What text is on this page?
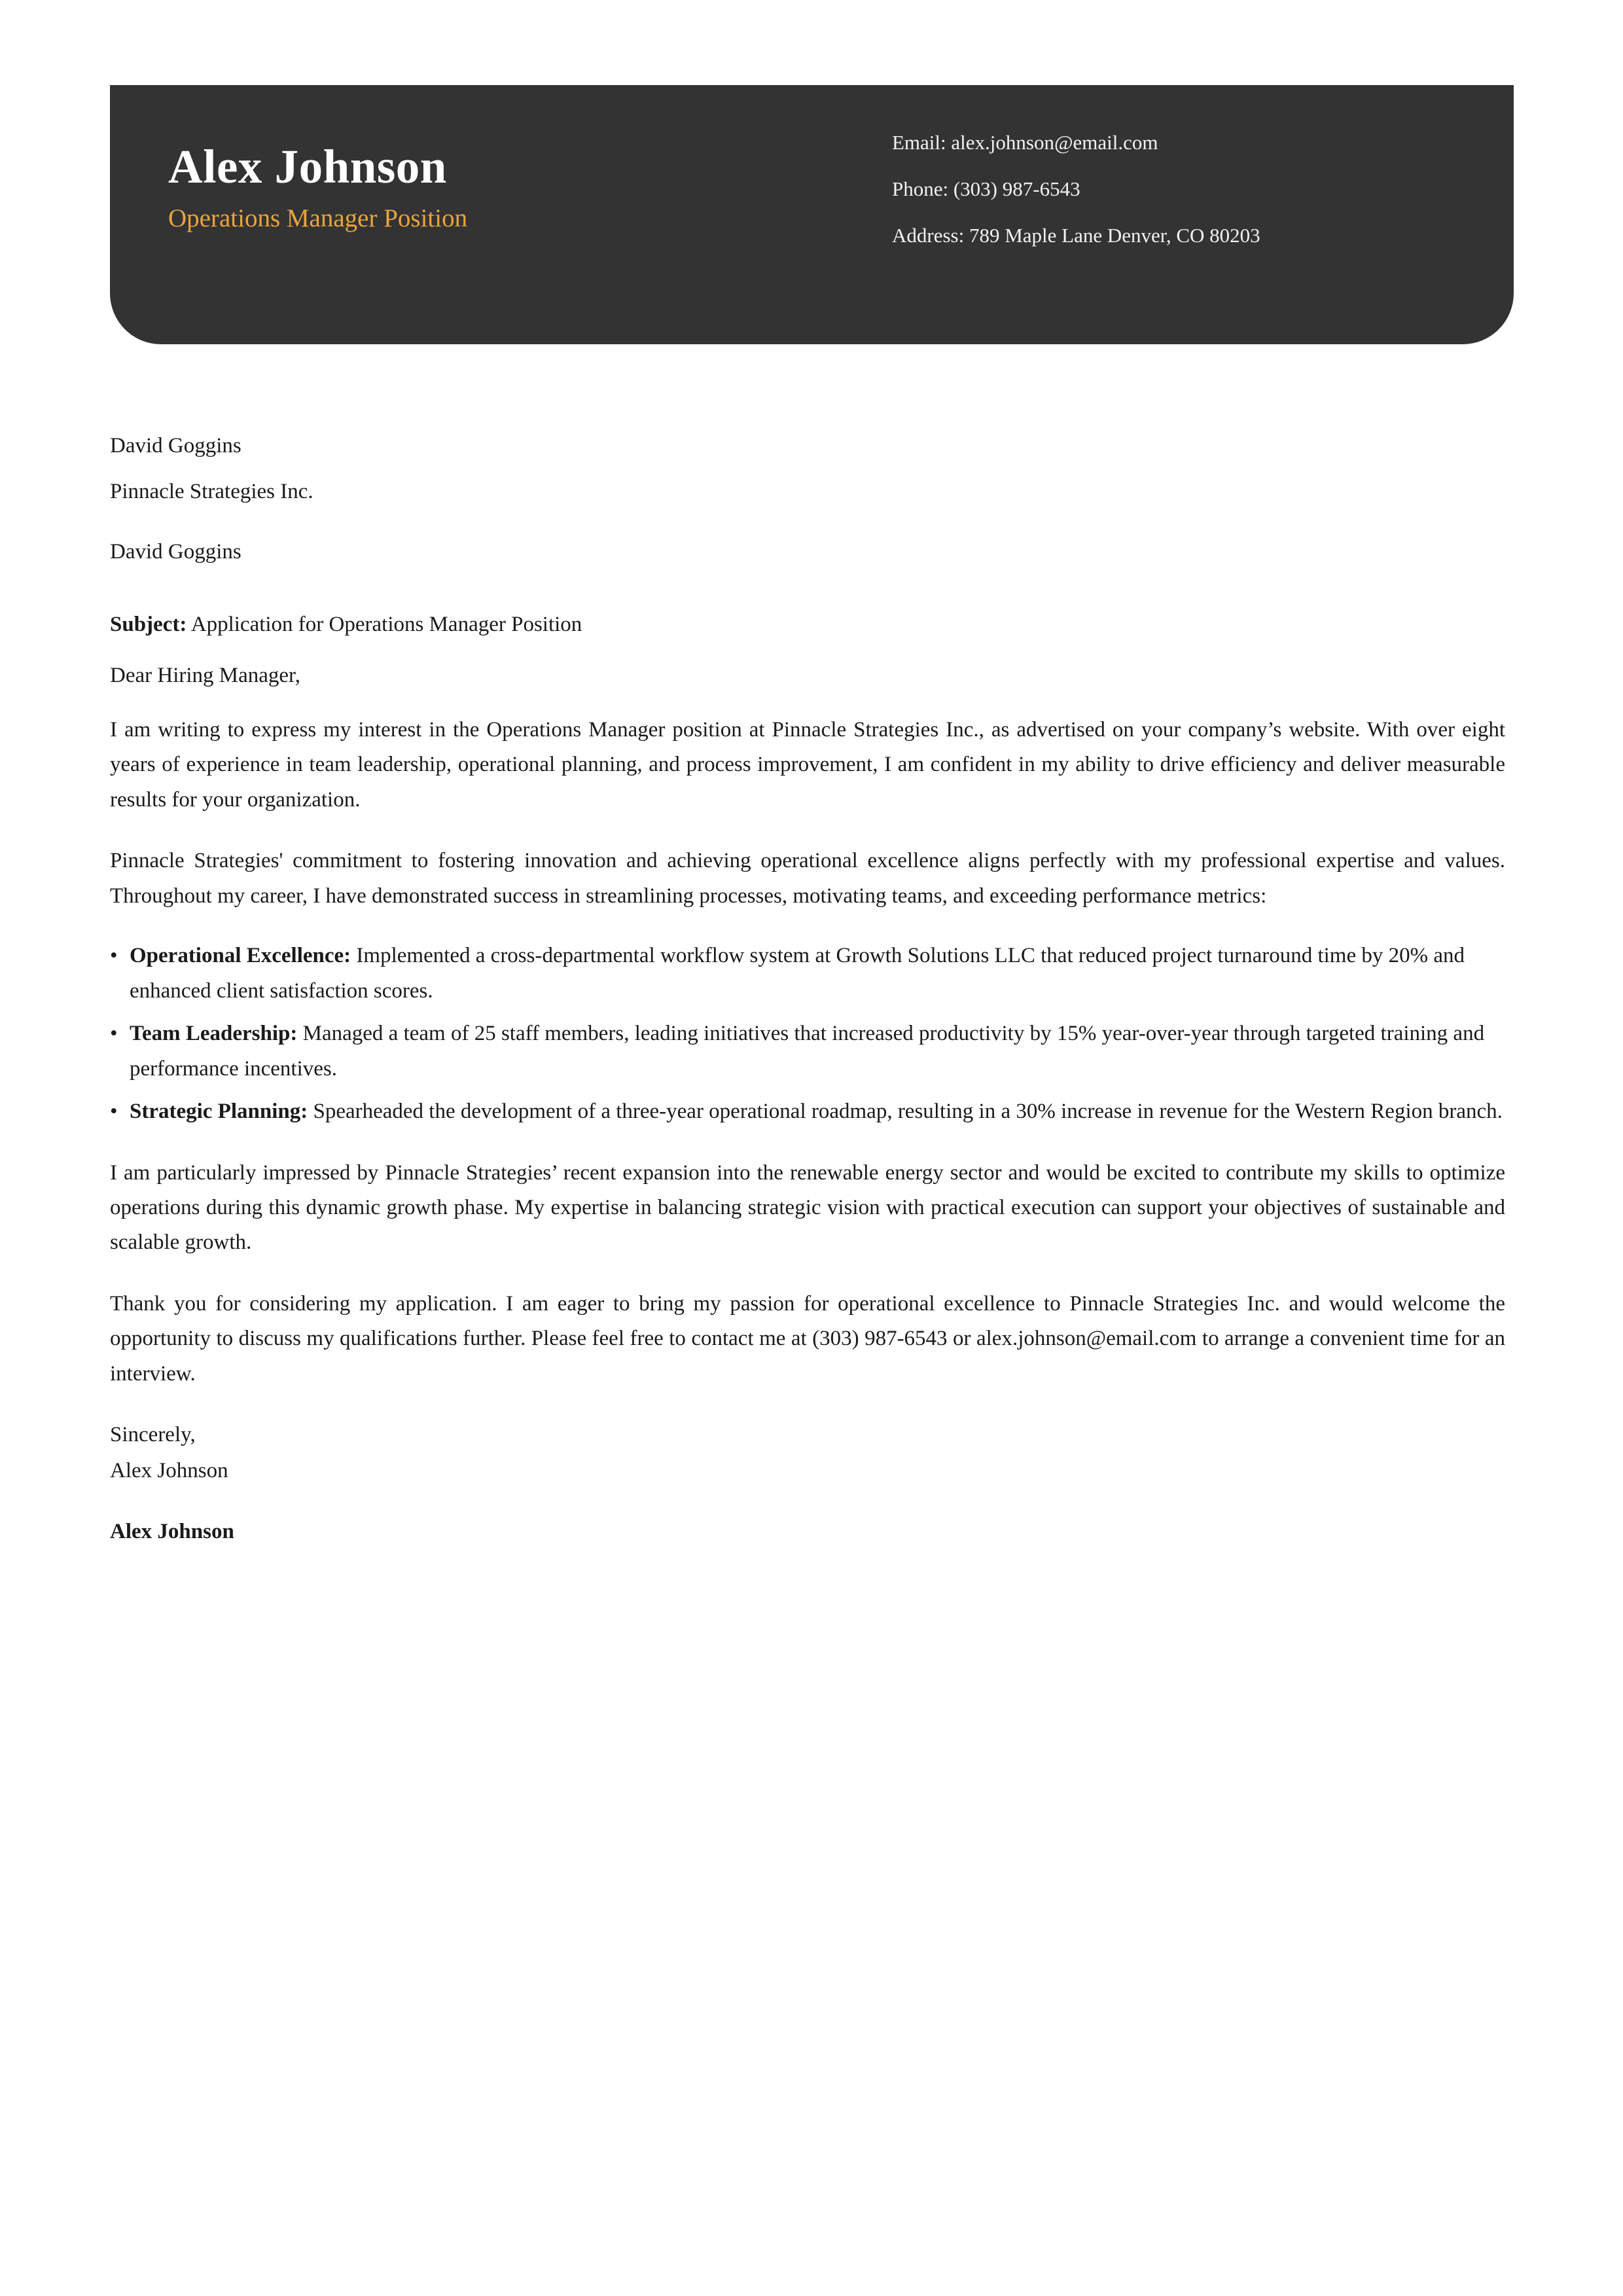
Alex Johnson
Operations Manager Position
Email: alex.johnson@email.com
Phone: (303) 987-6543
Address: 789 Maple Lane Denver, CO 80203
David Goggins
Pinnacle Strategies Inc.
David Goggins
Subject: Application for Operations Manager Position
Dear Hiring Manager,
I am writing to express my interest in the Operations Manager position at Pinnacle Strategies Inc., as advertised on your company’s website. With over eight years of experience in team leadership, operational planning, and process improvement, I am confident in my ability to drive efficiency and deliver measurable results for your organization.
Pinnacle Strategies' commitment to fostering innovation and achieving operational excellence aligns perfectly with my professional expertise and values. Throughout my career, I have demonstrated success in streamlining processes, motivating teams, and exceeding performance metrics:
• Operational Excellence: Implemented a cross-departmental workflow system at Growth Solutions LLC that reduced project turnaround time by 20% and enhanced client satisfaction scores.
• Team Leadership: Managed a team of 25 staff members, leading initiatives that increased productivity by 15% year-over-year through targeted training and performance incentives.
• Strategic Planning: Spearheaded the development of a three-year operational roadmap, resulting in a 30% increase in revenue for the Western Region branch.
I am particularly impressed by Pinnacle Strategies’ recent expansion into the renewable energy sector and would be excited to contribute my skills to optimize operations during this dynamic growth phase. My expertise in balancing strategic vision with practical execution can support your objectives of sustainable and scalable growth.
Thank you for considering my application. I am eager to bring my passion for operational excellence to Pinnacle Strategies Inc. and would welcome the opportunity to discuss my qualifications further. Please feel free to contact me at (303) 987-6543 or alex.johnson@email.com to arrange a convenient time for an interview.
Sincerely,
Alex Johnson
Alex Johnson
